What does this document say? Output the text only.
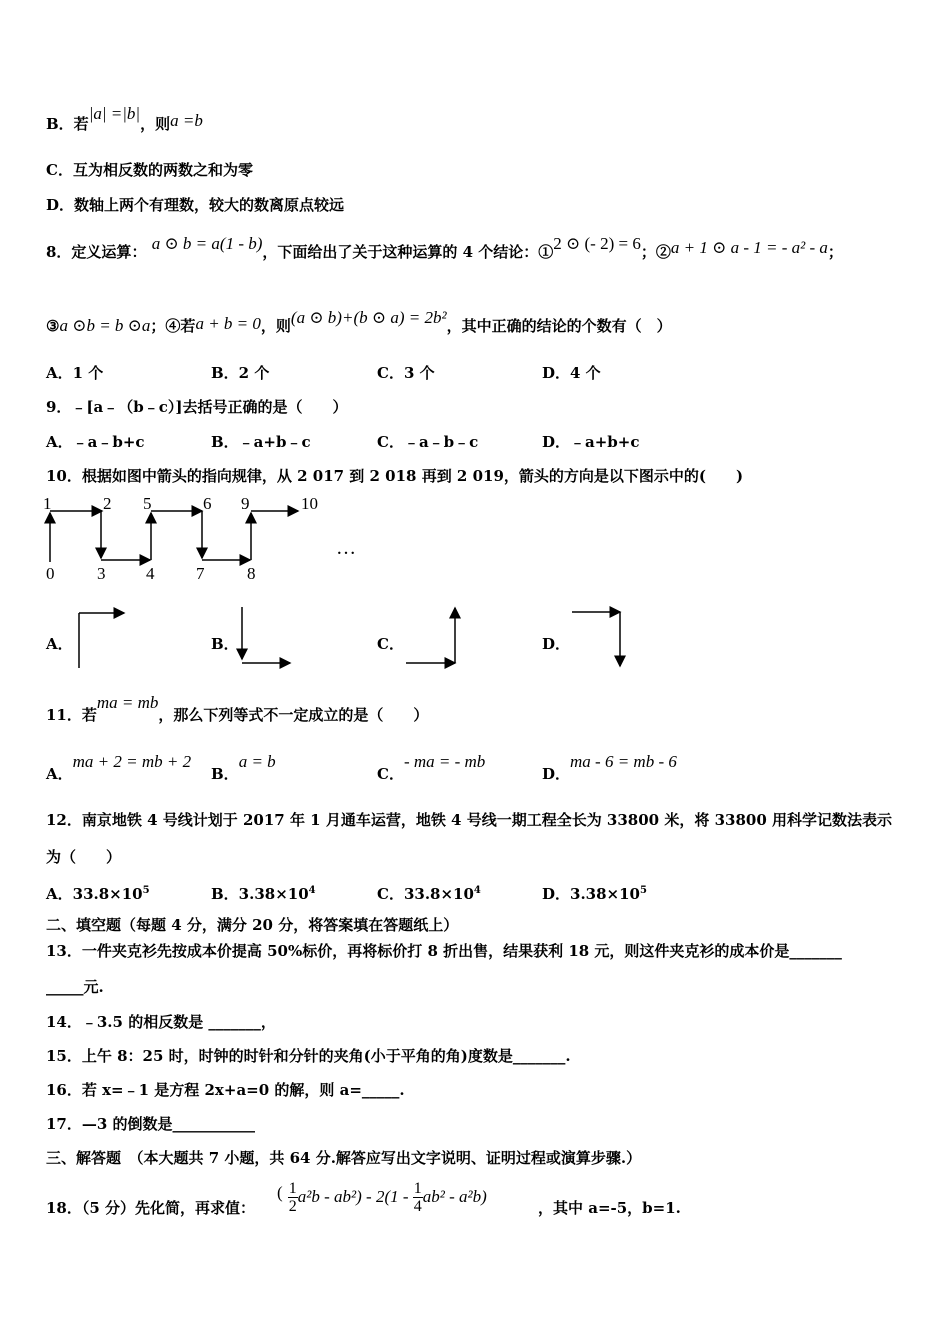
B．若|a| =|b|，则a =b
C．互为相反数的两数之和为零
D．数轴上两个有理数，较大的数离原点较远
8．定义运算： a ⊙ b = a(1 - b)，下面给出了关于这种运算的 4 个结论：①2 ⊙ (- 2) = 6；②a + 1 ⊙ a - 1 = - a² - a；
③a ⊙b = b ⊙a；④若a + b = 0，则(a ⊙ b)+(b ⊙ a) = 2b²，其中正确的结论的个数有（　）
A．1 个	B．2 个	C．3 个	D．4 个
9．﹣[a﹣（b﹣c）]去括号正确的是（　　）
A．﹣a﹣b+c	B．﹣a+b﹣c	C．﹣a﹣b﹣c	D．﹣a+b+c
10．根据如图中箭头的指向规律，从 2 017 到 2 018 再到 2 019，箭头的方向是以下图示中的(　　)
1	2 5	6 9	10
0	3 4 7	8
…
A．	B．	C．	D．
11．若ma = mb，那么下列等式不一定成立的是（　　）
A．ma + 2 = mb + 2
B．a = b
C．- ma = - mb
D．ma - 6 = mb - 6
12．南京地铁 4 号线计划于 2017 年 1 月通车运营，地铁 4 号线一期工程全长为 33800 米，将 33800 用科学记数法表示
为（　　）
A．$33.8\times 10^5$	B．$3.38\times 10^4$	C．$33.8\times 10^4$	D．$3.38\times 10^5$
二、填空题（每题 4 分，满分 20 分，将答案填在答题纸上）
13．一件夹克衫先按成本价提高 50%标价，再将标价打 8 折出售，结果获利 18 元，则这件夹克衫的成本价是_______
_____元.
14．﹣3.5 的相反数是 _______，
15．上午 8：25 时，时钟的时针和分针的夹角(小于平角的角)度数是_______.
16．若 x=﹣1 是方程 2x+a=0 的解，则 a=_____.
17．—3 的倒数是___________
三、解答题　（本大题共 7 小题，共 64 分.解答应写出文字说明、证明过程或演算步骤.）
18．（5 分）先化简，再求值：
( $\frac{1}{2} a^2b - ab^2) - 2(1 - \frac{1}{4} ab^2 - a^2b)$
，其中 a=-5，b=1.
